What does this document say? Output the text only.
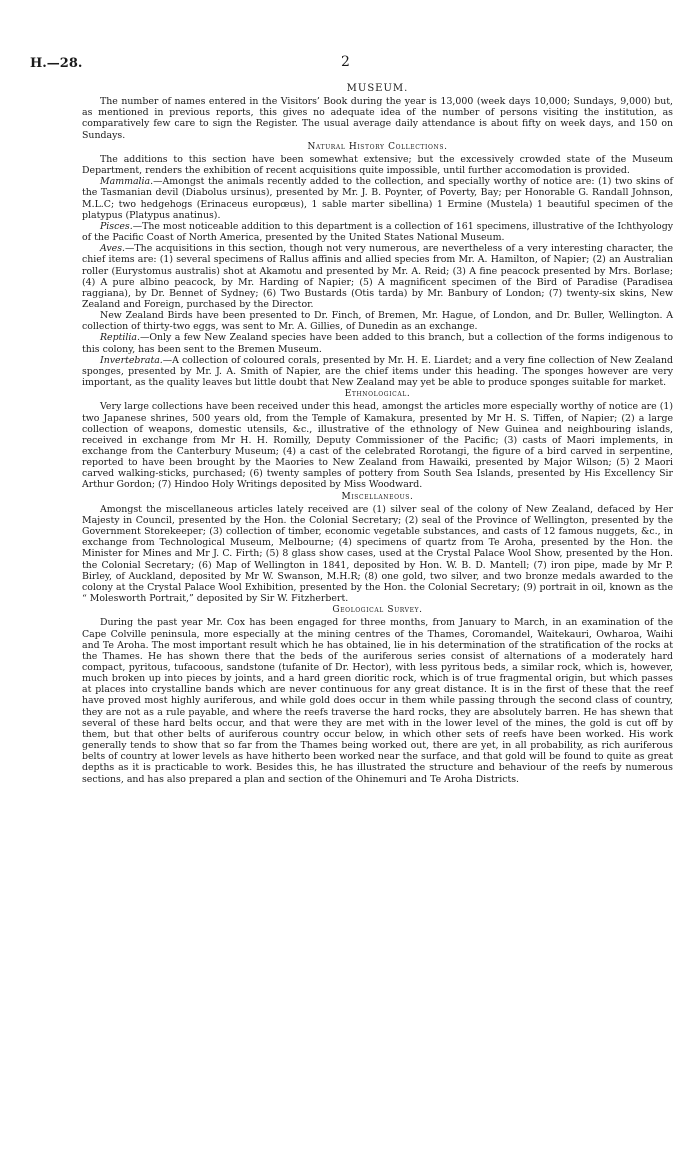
H.—28.	2
MUSEUM.

The number of names entered in the Visitors’ Book during the year is 13,000 (week days 10,000; Sundays, 9,000) but, as mentioned in previous reports, this gives no adequate idea of the number of persons visiting the institution, as comparatively few care to sign the Register. The usual average daily attendance is about fifty on week days, and 150 on Sundays.

Natural History Collections.

The additions to this section have been somewhat extensive; but the excessively crowded state of the Museum Department, renders the exhibition of recent acquisitions quite impossible, until further accomodation is provided.

Mammalia.—Amongst the animals recently added to the collection, and specially worthy of notice are: (1) two skins of the Tasmanian devil (Diabolus ursinus), presented by Mr. J. B. Poynter, of Poverty, Bay; per Honorable G. Randall Johnson, M.L.C; two hedgehogs (Erinaceus europœus), 1 sable marter sibellina) 1 Ermine (Mustela) 1 beautiful specimen of the platypus (Platypus anatinus).

Pisces.—The most noticeable addition to this department is a collection of 161 specimens, illustrative of the Ichthyology of the Pacific Coast of North America, presented by the United States National Museum.

Aves.—The acquisitions in this section, though not very numerous, are nevertheless of a very interesting character, the chief items are: (1) several specimens of Rallus affinis and allied species from Mr. A. Hamilton, of Napier; (2) an Australian roller (Eurystomus australis) shot at Akamotu and presented by Mr. A. Reid; (3) A fine peacock presented by Mrs. Borlase; (4) A pure albino peacock, by Mr. Harding of Napier; (5) A magnificent specimen of the Bird of Paradise (Paradisea raggiana), by Dr. Bennet of Sydney; (6) Two Bustards (Otis tarda) by Mr. Banbury of London; (7) twenty-six skins, New Zealand and Foreign, purchased by the Director.

New Zealand Birds have been presented to Dr. Finch, of Bremen, Mr. Hague, of London, and Dr. Buller, Wellington. A collection of thirty-two eggs, was sent to Mr. A. Gillies, of Dunedin as an exchange.

Reptilia.—Only a few New Zealand species have been added to this branch, but a collection of the forms indigenous to this colony, has been sent to the Bremen Museum.

Invertebrata.—A collection of coloured corals, presented by Mr. H. E. Liardet; and a very fine collection of New Zealand sponges, presented by Mr. J. A. Smith of Napier, are the chief items under this heading. The sponges however are very important, as the quality leaves but little doubt that New Zealand may yet be able to produce sponges suitable for market.

Ethnological.

Very large collections have been received under this head, amongst the articles more especially worthy of notice are (1) two Japanese shrines, 500 years old, from the Temple of Kamakura, presented by Mr H. S. Tiffen, of Napier; (2) a large collection of weapons, domestic utensils, &c., illustrative of the ethnology of New Guinea and neighbouring islands, received in exchange from Mr H. H. Romilly, Deputy Commissioner of the Pacific; (3) casts of Maori implements, in exchange from the Canterbury Museum; (4) a cast of the celebrated Rorotangi, the figure of a bird carved in serpentine, reported to have been brought by the Maories to New Zealand from Hawaiki, presented by Major Wilson; (5) 2 Maori carved walking-sticks, purchased; (6) twenty samples of pottery from South Sea Islands, presented by His Excellency Sir Arthur Gordon; (7) Hindoo Holy Writings deposited by Miss Woodward.

Miscellaneous.

Amongst the miscellaneous articles lately received are (1) silver seal of the colony of New Zealand, defaced by Her Majesty in Council, presented by the Hon. the Colonial Secretary; (2) seal of the Province of Wellington, presented by the Government Storekeeper; (3) collection of timber, economic vegetable substances, and casts of 12 famous nuggets, &c., in exchange from Technological Museum, Melbourne; (4) specimens of quartz from Te Aroha, presented by the Hon. the Minister for Mines and Mr J. C. Firth; (5) 8 glass show cases, used at the Crystal Palace Wool Show, presented by the Hon. the Colonial Secretary; (6) Map of Wellington in 1841, deposited by Hon. W. B. D. Mantell; (7) iron pipe, made by Mr P. Birley, of Auckland, deposited by Mr W. Swanson, M.H.R; (8) one gold, two silver, and two bronze medals awarded to the colony at the Crystal Palace Wool Exhibition, presented by the Hon. the Colonial Secretary; (9) portrait in oil, known as the “ Molesworth Portrait,” deposited by Sir W. Fitzherbert.

Geological Survey.

During the past year Mr. Cox has been engaged for three months, from January to March, in an examination of the Cape Colville peninsula, more especially at the mining centres of the Thames, Coromandel, Waitekauri, Owharoa, Waihi and Te Aroha. The most important result which he has obtained, lie in his determination of the stratification of the rocks at the Thames. He has shown there that the beds of the auriferous series consist of alternations of a moderately hard compact, pyritous, tufacoous, sandstone (tufanite of Dr. Hector), with less pyritous beds, a similar rock, which is, however, much broken up into pieces by joints, and a hard green dioritic rock, which is of true fragmental origin, but which passes at places into crystalline bands which are never continuous for any great distance. It is in the first of these that the reef have proved most highly auriferous, and while gold does occur in them while passing through the second class of country, they are not as a rule payable, and where the reefs traverse the hard rocks, they are absolutely barren. He has shewn that several of these hard belts occur, and that were they are met with in the lower level of the mines, the gold is cut off by them, but that other belts of auriferous country occur below, in which other sets of reefs have been worked. His work generally tends to show that so far from the Thames being worked out, there are yet, in all probability, as rich auriferous belts of country at lower levels as have hitherto been worked near the surface, and that gold will be found to quite as great depths as it is practicable to work. Besides this, he has illustrated the structure and behaviour of the reefs by numerous sections, and has also prepared a plan and section of the Ohinemuri and Te Aroha Districts.
